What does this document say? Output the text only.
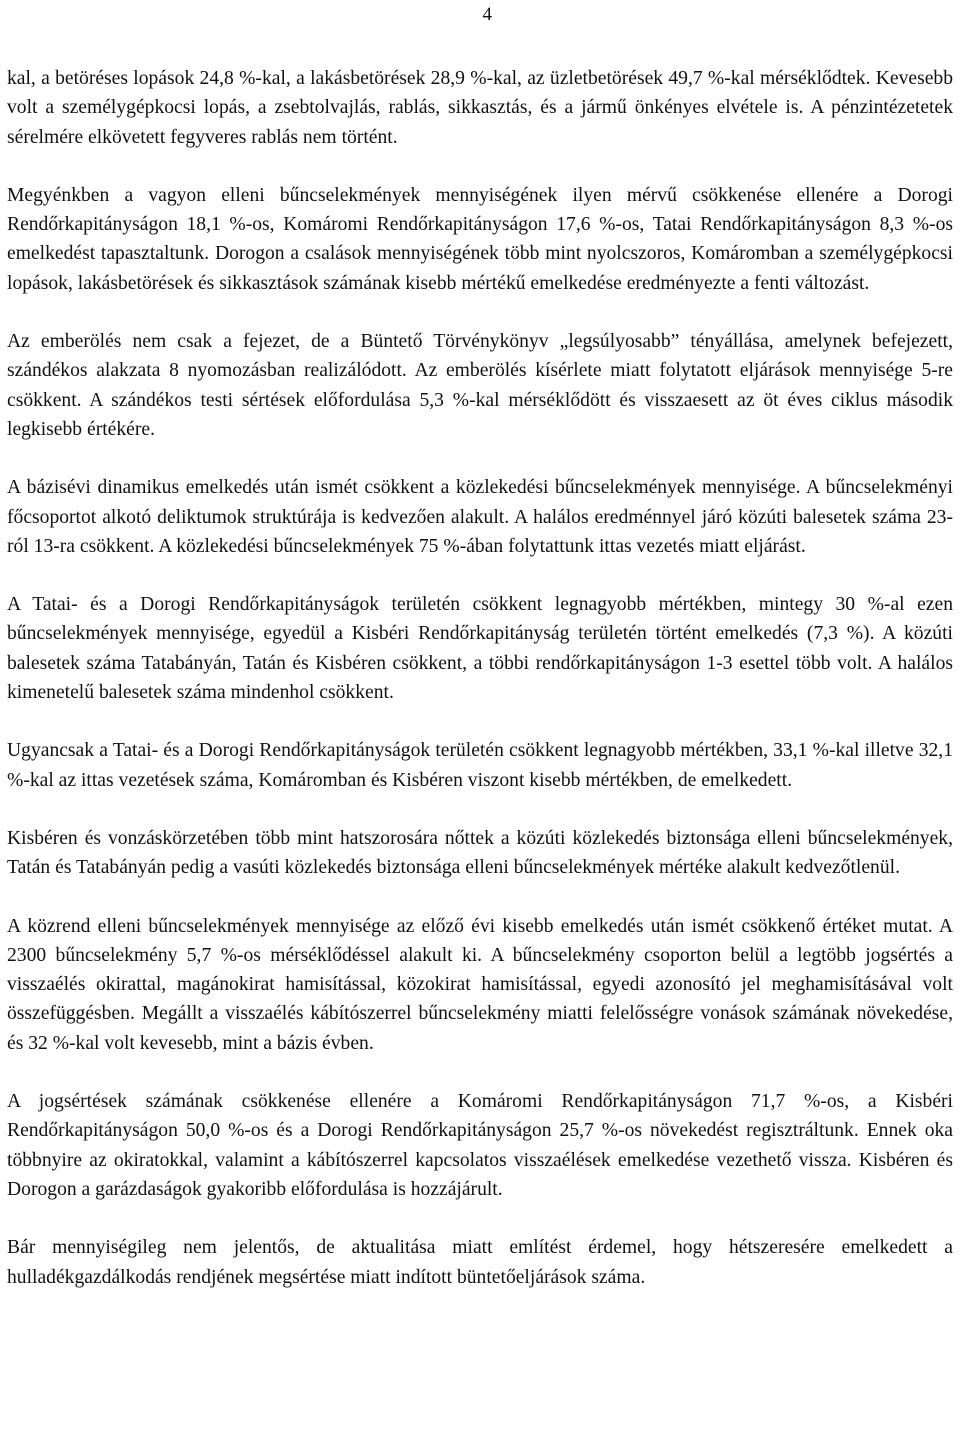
4

kal, a betöréses lopások 24,8 %-kal, a lakásbetörések 28,9 %-kal, az üzletbetörések 49,7 %-kal mérséklődtek. Kevesebb volt a személygépkocsi lopás, a zsebtolvajlás, rablás, sikkasztás, és a jármű önkényes elvétele is. A pénzintézetetek sérelmére elkövetett fegyveres rablás nem történt.

Megyénkben a vagyon elleni bűncselekmények mennyiségének ilyen mérvű csökkenése ellenére a Dorogi Rendőrkapitányságon 18,1 %-os, Komáromi Rendőrkapitányságon 17,6 %-os, Tatai Rendőrkapitányságon 8,3 %-os emelkedést tapasztaltunk. Dorogon a csalások mennyiségének több mint nyolcszoros, Komáromban a személygépkocsi lopások, lakásbetörések és sikkasztások számának kisebb mértékű emelkedése eredményezte a fenti változást.

Az emberölés nem csak a fejezet, de a Büntető Törvénykönyv „legsúlyosabb” tényállása, amelynek befejezett, szándékos alakzata 8 nyomozásban realizálódott. Az emberölés kísérlete miatt folytatott eljárások mennyisége 5-re csökkent. A szándékos testi sértések előfordulása 5,3 %-kal mérséklődött és visszaesett az öt éves ciklus második legkisebb értékére.

A bázisévi dinamikus emelkedés után ismét csökkent a közlekedési bűncselekmények mennyisége. A bűncselekményi főcsoportot alkotó deliktumok struktúrája is kedvezően alakult. A halálos eredménnyel járó közúti balesetek száma 23-ról 13-ra csökkent. A közlekedési bűncselekmények 75 %-ában folytattunk ittas vezetés miatt eljárást.

A Tatai- és a Dorogi Rendőrkapitányságok területén csökkent legnagyobb mértékben, mintegy 30 %-al ezen bűncselekmények mennyisége, egyedül a Kisbéri Rendőrkapitányság területén történt emelkedés (7,3 %). A közúti balesetek száma Tatabányán, Tatán és Kisbéren csökkent, a többi rendőrkapitányságon 1-3 esettel több volt. A halálos kimenetelű balesetek száma mindenhol csökkent.

Ugyancsak a Tatai- és a Dorogi Rendőrkapitányságok területén csökkent legnagyobb mértékben, 33,1 %-kal illetve 32,1 %-kal az ittas vezetések száma, Komáromban és Kisbéren viszont kisebb mértékben, de emelkedett.

Kisbéren és vonzáskörzetében több mint hatszorosára nőttek a közúti közlekedés biztonsága elleni bűncselekmények, Tatán és Tatabányán pedig a vasúti közlekedés biztonsága elleni bűncselekmények mértéke alakult kedvezőtlenül.

A közrend elleni bűncselekmények mennyisége az előző évi kisebb emelkedés után ismét csökkenő értéket mutat. A 2300 bűncselekmény 5,7 %-os mérséklődéssel alakult ki. A bűncselekmény csoporton belül a legtöbb jogsértés a visszaélés okirattal, magánokirat hamisítással, közokirat hamisítással, egyedi azonosító jel meghamisításával volt összefüggésben. Megállt a visszaélés kábítószerrel bűncselekmény miatti felelősségre vonások számának növekedése, és 32 %-kal volt kevesebb, mint a bázis évben.

A jogsértések számának csökkenése ellenére a Komáromi Rendőrkapitányságon 71,7 %-os, a Kisbéri Rendőrkapitányságon 50,0 %-os és a Dorogi Rendőrkapitányságon 25,7 %-os növekedést regisztráltunk. Ennek oka többnyire az okiratokkal, valamint a kábítószerrel kapcsolatos visszaélések emelkedése vezethető vissza. Kisbéren és Dorogon a garázdaságok gyakoribb előfordulása is hozzájárult.

Bár mennyiségileg nem jelentős, de aktualitása miatt említést érdemel, hogy hétszeresére emelkedett a hulladékgazdálkodás rendjének megsértése miatt indított büntetőeljárások száma.
